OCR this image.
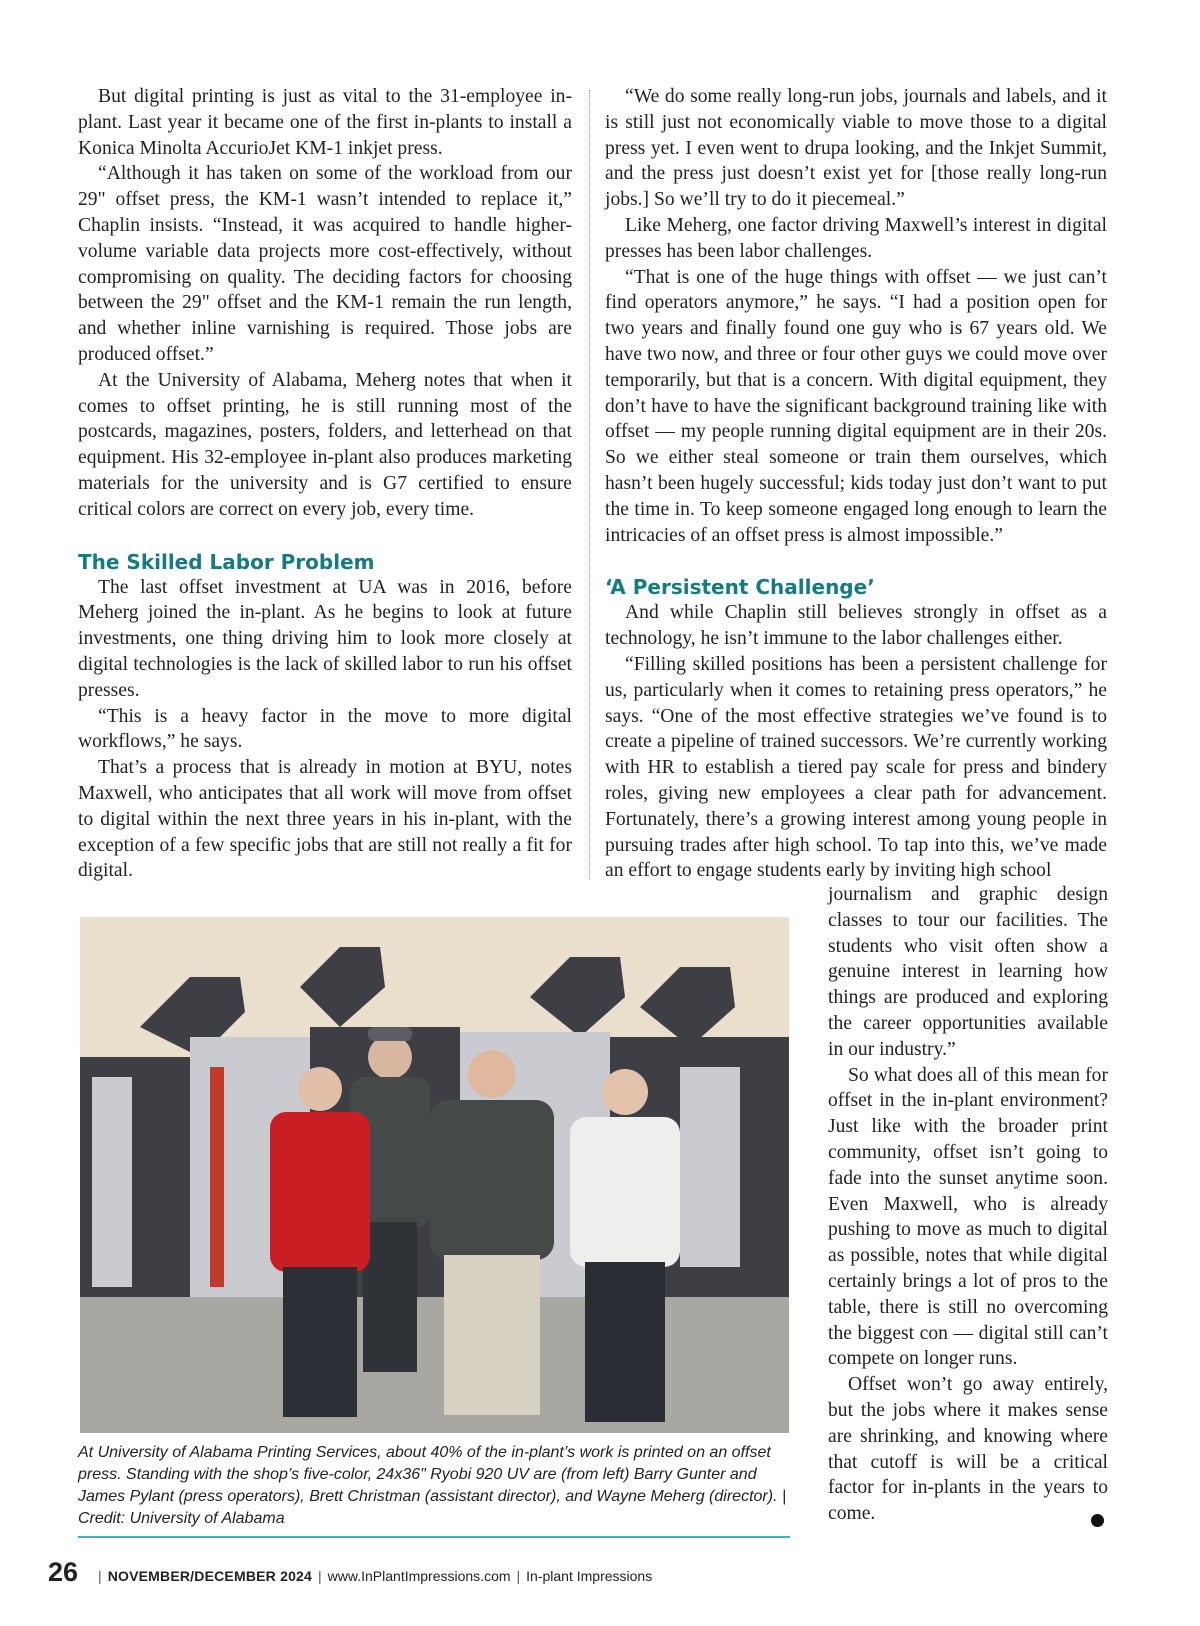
But digital printing is just as vital to the 31-employee in-plant. Last year it became one of the first in-plants to install a Konica Minolta AccurioJet KM-1 inkjet press.

“Although it has taken on some of the workload from our 29" offset press, the KM-1 wasn’t intended to replace it,” Chaplin insists. “Instead, it was acquired to handle higher-volume variable data projects more cost-effectively, without compromising on quality. The deciding factors for choosing between the 29" offset and the KM-1 remain the run length, and whether inline varnishing is required. Those jobs are produced offset.”

At the University of Alabama, Meherg notes that when it comes to offset printing, he is still running most of the postcards, magazines, posters, folders, and letterhead on that equipment. His 32-employee in-plant also produces marketing materials for the university and is G7 certified to ensure critical colors are correct on every job, every time.

The Skilled Labor Problem

The last offset investment at UA was in 2016, before Meherg joined the in-plant. As he begins to look at future investments, one thing driving him to look more closely at digital technologies is the lack of skilled labor to run his offset presses.

“This is a heavy factor in the move to more digital workflows,” he says.

That’s a process that is already in motion at BYU, notes Maxwell, who anticipates that all work will move from offset to digital within the next three years in his in-plant, with the exception of a few specific jobs that are still not really a fit for digital.

“We do some really long-run jobs, journals and labels, and it is still just not economically viable to move those to a digital press yet. I even went to drupa looking, and the Inkjet Summit, and the press just doesn’t exist yet for [those really long-run jobs.] So we’ll try to do it piecemeal.”

Like Meherg, one factor driving Maxwell’s interest in digital presses has been labor challenges.

“That is one of the huge things with offset — we just can’t find operators anymore,” he says. “I had a position open for two years and finally found one guy who is 67 years old. We have two now, and three or four other guys we could move over temporarily, but that is a concern. With digital equipment, they don’t have to have the significant background training like with offset — my people running digital equipment are in their 20s. So we either steal someone or train them ourselves, which hasn’t been hugely successful; kids today just don’t want to put the time in. To keep someone engaged long enough to learn the intricacies of an offset press is almost impossible.”

‘A Persistent Challenge’

And while Chaplin still believes strongly in offset as a technology, he isn’t immune to the labor challenges either.

“Filling skilled positions has been a persistent challenge for us, particularly when it comes to retaining press operators,” he says. “One of the most effective strategies we’ve found is to create a pipeline of trained successors. We’re currently working with HR to establish a tiered pay scale for press and bindery roles, giving new employees a clear path for advancement. Fortunately, there’s a growing interest among young people in pursuing trades after high school. To tap into this, we’ve made an effort to engage students early by inviting high school

journalism and graphic design classes to tour our facilities. The students who visit often show a genuine interest in learning how things are produced and exploring the career opportunities available in our industry.”

So what does all of this mean for offset in the in-plant environment? Just like with the broader print community, offset isn’t going to fade into the sunset anytime soon. Even Maxwell, who is already pushing to move as much to digital as possible, notes that while digital certainly brings a lot of pros to the table, there is still no overcoming the biggest con — digital still can’t compete on longer runs.

Offset won’t go away entirely, but the jobs where it makes sense are shrinking, and knowing where that cutoff is will be a critical factor for in-plants in the years to come.

At University of Alabama Printing Services, about 40% of the in-plant’s work is printed on an offset press. Standing with the shop’s five-color, 24x36" Ryobi 920 UV are (from left) Barry Gunter and James Pylant (press operators), Brett Christman (assistant director), and Wayne Meherg (director). | Credit: University of Alabama
26 | NOVEMBER/DECEMBER 2024 | www.InPlantImpressions.com | In-plant Impressions
